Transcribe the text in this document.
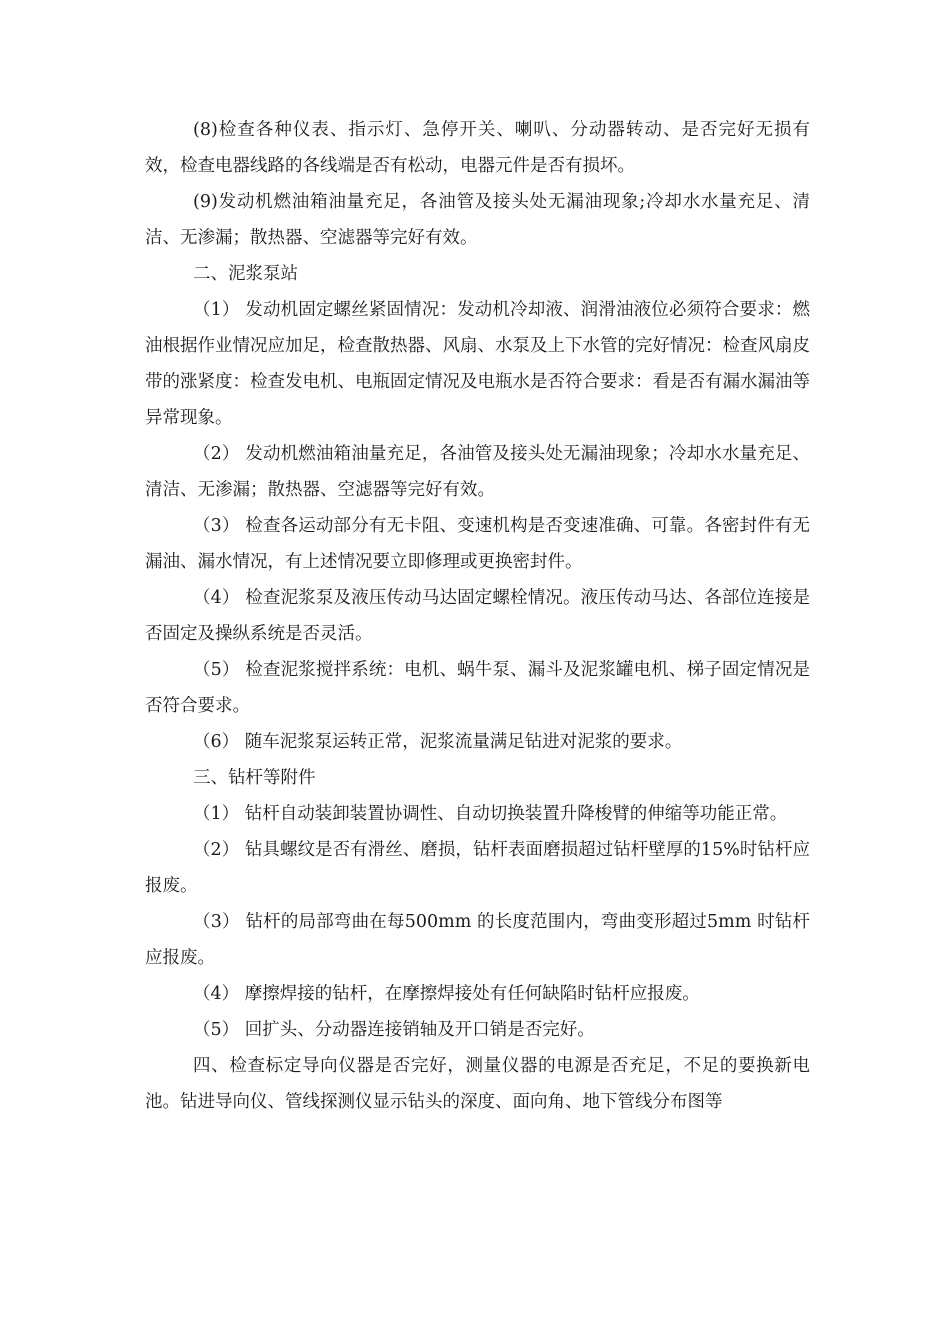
(8)检查各种仪表、指示灯、急停开关、喇叭、分动器转动、是否完好无损有效，检查电器线路的各线端是否有松动，电器元件是否有损坏。

(9)发动机燃油箱油量充足，各油管及接头处无漏油现象;冷却水水量充足、清洁、无渗漏；散热器、空滤器等完好有效。

二、泥浆泵站

（1） 发动机固定螺丝紧固情况：发动机冷却液、润滑油液位必须符合要求：燃油根据作业情况应加足，检查散热器、风扇、水泵及上下水管的完好情况：检查风扇皮带的涨紧度：检查发电机、电瓶固定情况及电瓶水是否符合要求：看是否有漏水漏油等异常现象。

（2） 发动机燃油箱油量充足，各油管及接头处无漏油现象；冷却水水量充足、清洁、无渗漏；散热器、空滤器等完好有效。

（3） 检查各运动部分有无卡阻、变速机构是否变速准确、可靠。各密封件有无漏油、漏水情况，有上述情况要立即修理或更换密封件。

（4） 检查泥浆泵及液压传动马达固定螺栓情况。液压传动马达、各部位连接是否固定及操纵系统是否灵活。

（5） 检查泥浆搅拌系统：电机、蜗牛泵、漏斗及泥浆罐电机、梯子固定情况是否符合要求。

（6） 随车泥浆泵运转正常，泥浆流量满足钻进对泥浆的要求。

三、钻杆等附件

（1） 钻杆自动装卸装置协调性、自动切换装置升降梭臂的伸缩等功能正常。

（2） 钻具螺纹是否有滑丝、磨损，钻杆表面磨损超过钻杆壁厚的15%时钻杆应报废。

（3） 钻杆的局部弯曲在每500mm 的长度范围内，弯曲变形超过5mm 时钻杆应报废。

（4） 摩擦焊接的钻杆，在摩擦焊接处有任何缺陷时钻杆应报废。

（5） 回扩头、分动器连接销轴及开口销是否完好。

四、检查标定导向仪器是否完好，测量仪器的电源是否充足，不足的要换新电池。钻进导向仪、管线探测仪显示钻头的深度、面向角、地下管线分布图等
